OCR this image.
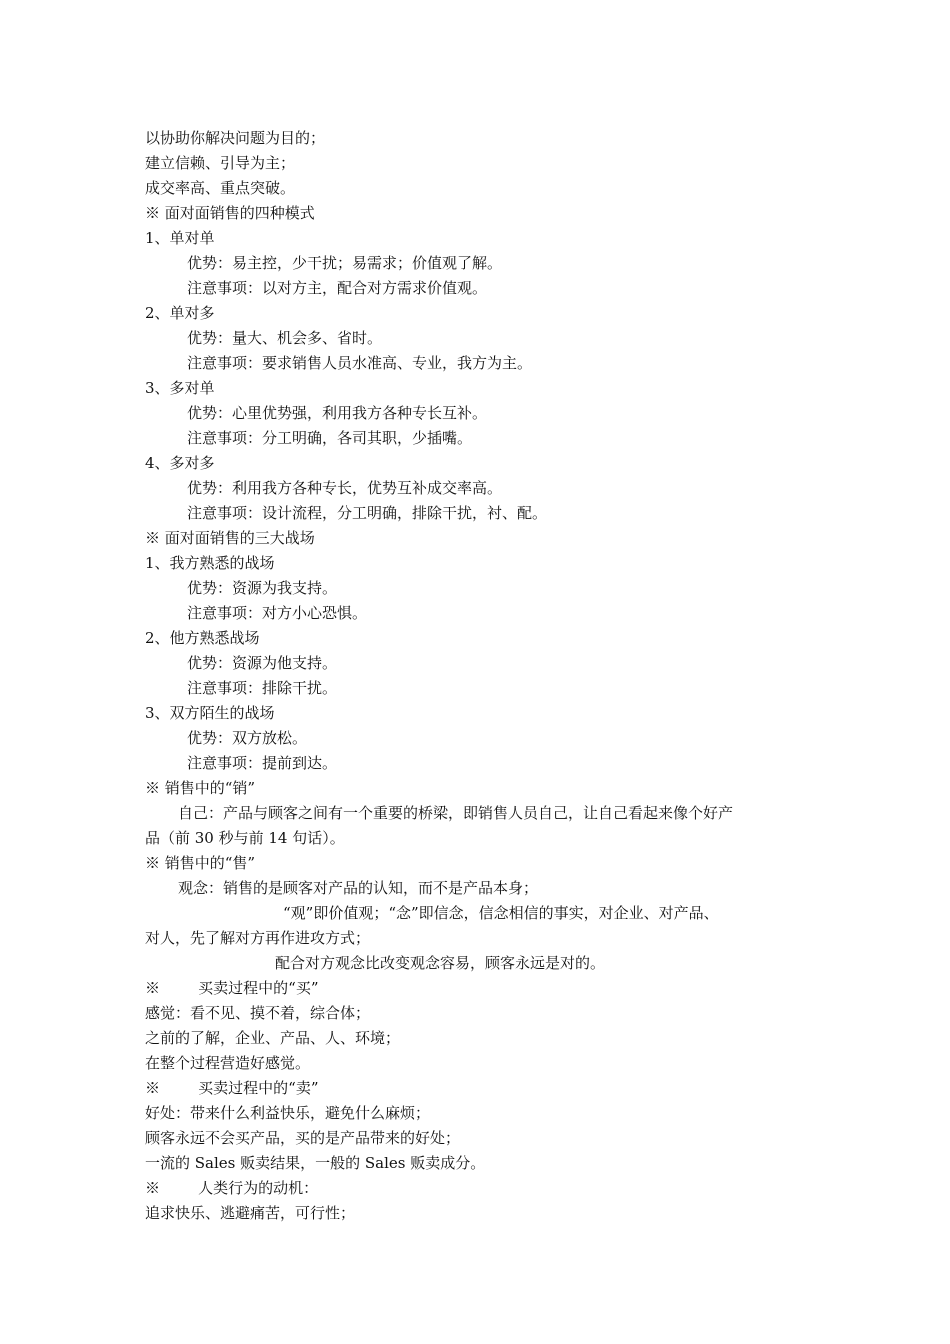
以协助你解决问题为目的；
建立信赖、引导为主；
成交率高、重点突破。
※ 面对面销售的四种模式
1、单对单
优势：易主控，少干扰；易需求；价值观了解。
注意事项：以对方主，配合对方需求价值观。
2、单对多
优势：量大、机会多、省时。
注意事项：要求销售人员水准高、专业，我方为主。
3、多对单
优势：心里优势强，利用我方各种专长互补。
注意事项：分工明确，各司其职，少插嘴。
4、多对多
优势：利用我方各种专长，优势互补成交率高。
注意事项：设计流程，分工明确，排除干扰，衬、配。
※ 面对面销售的三大战场
1、我方熟悉的战场
优势：资源为我支持。
注意事项：对方小心恐惧。
2、他方熟悉战场
优势：资源为他支持。
注意事项：排除干扰。
3、双方陌生的战场
优势：双方放松。
注意事项：提前到达。
※ 销售中的“销”
自己：产品与顾客之间有一个重要的桥梁，即销售人员自己，让自己看起来像个好产
品（前 30 秒与前 14 句话）。
※ 销售中的“售”
观念：销售的是顾客对产品的认知，而不是产品本身；
“观”即价值观；“念”即信念，信念相信的事实，对企业、对产品、
对人，先了解对方再作进攻方式；
配合对方观念比改变观念容易，顾客永远是对的。
※        买卖过程中的“买”
感觉：看不见、摸不着，综合体；
之前的了解，企业、产品、人、环境；
在整个过程营造好感觉。
※        买卖过程中的“卖”
好处：带来什么利益快乐，避免什么麻烦；
顾客永远不会买产品，买的是产品带来的好处；
一流的 Sales 贩卖结果，一般的 Sales 贩卖成分。
※        人类行为的动机：
追求快乐、逃避痛苦，可行性；
